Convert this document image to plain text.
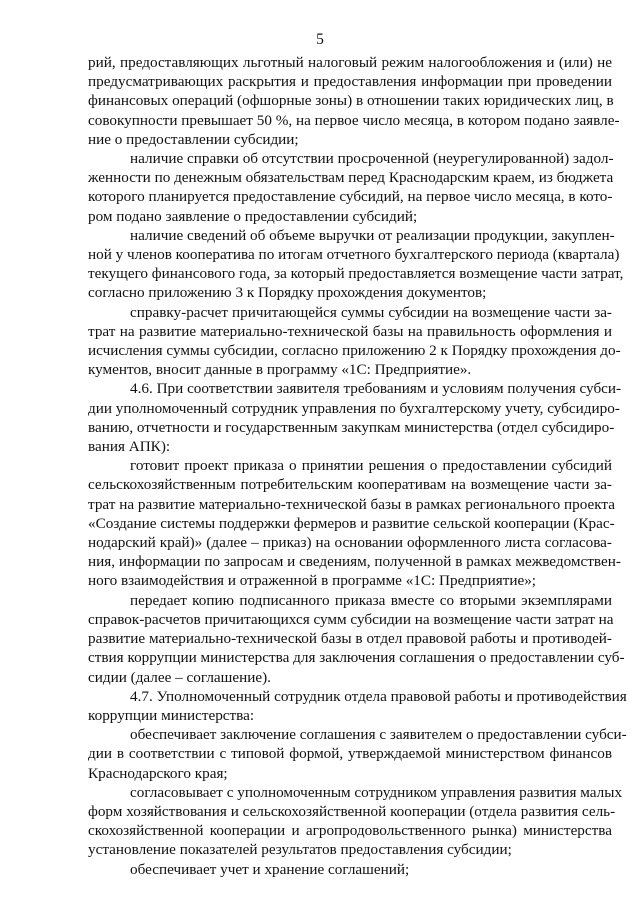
5
рий, предоставляющих льготный налоговый режим налогообложения и (или) не
предусматривающих раскрытия и предоставления информации при проведении
финансовых операций (офшорные зоны) в отношении таких юридических лиц, в
совокупности превышает 50 %, на первое число месяца, в котором подано заявле-
ние о предоставлении субсидии;
наличие справки об отсутствии просроченной (неурегулированной) задол-
женности по денежным обязательствам перед Краснодарским краем, из бюджета
которого планируется предоставление субсидий, на первое число месяца, в кото-
ром подано заявление о предоставлении субсидий;
наличие сведений об объеме выручки от реализации продукции, закуплен-
ной у членов кооператива по итогам отчетного бухгалтерского периода (квартала)
текущего финансового года, за который предоставляется возмещение части затрат,
согласно приложению 3 к Порядку прохождения документов;
справку-расчет причитающейся суммы субсидии на возмещение части за-
трат на развитие материально-технической базы на правильность оформления и
исчисления суммы субсидии, согласно приложению 2 к Порядку прохождения до-
кументов, вносит данные в программу «1С: Предприятие».
4.6. При соответствии заявителя требованиям и условиям получения субси-
дии уполномоченный сотрудник управления по бухгалтерскому учету, субсидиро-
ванию, отчетности и государственным закупкам министерства (отдел субсидиро-
вания АПК):
готовит проект приказа о принятии решения о предоставлении субсидий
сельскохозяйственным потребительским кооперативам на возмещение части за-
трат на развитие материально-технической базы в рамках регионального проекта
«Создание системы поддержки фермеров и развитие сельской кооперации (Крас-
нодарский край)» (далее – приказ) на основании оформленного листа согласова-
ния, информации по запросам и сведениям, полученной в рамках межведомствен-
ного взаимодействия и отраженной в программе «1С: Предприятие»;
передает копию подписанного приказа вместе со вторыми экземплярами
справок-расчетов причитающихся сумм субсидии на возмещение части затрат на
развитие материально-технической базы в отдел правовой работы и противодей-
ствия коррупции министерства для заключения соглашения о предоставлении суб-
сидии (далее – соглашение).
4.7. Уполномоченный сотрудник отдела правовой работы и противодействия
коррупции министерства:
обеспечивает заключение соглашения с заявителем о предоставлении субси-
дии в соответствии с типовой формой, утверждаемой министерством финансов
Краснодарского края;
согласовывает с уполномоченным сотрудником управления развития малых
форм хозяйствования и сельскохозяйственной кооперации (отдела развития сель-
скохозяйственной кооперации и агропродовольственного рынка) министерства
установление показателей результатов предоставления субсидии;
обеспечивает учет и хранение соглашений;
